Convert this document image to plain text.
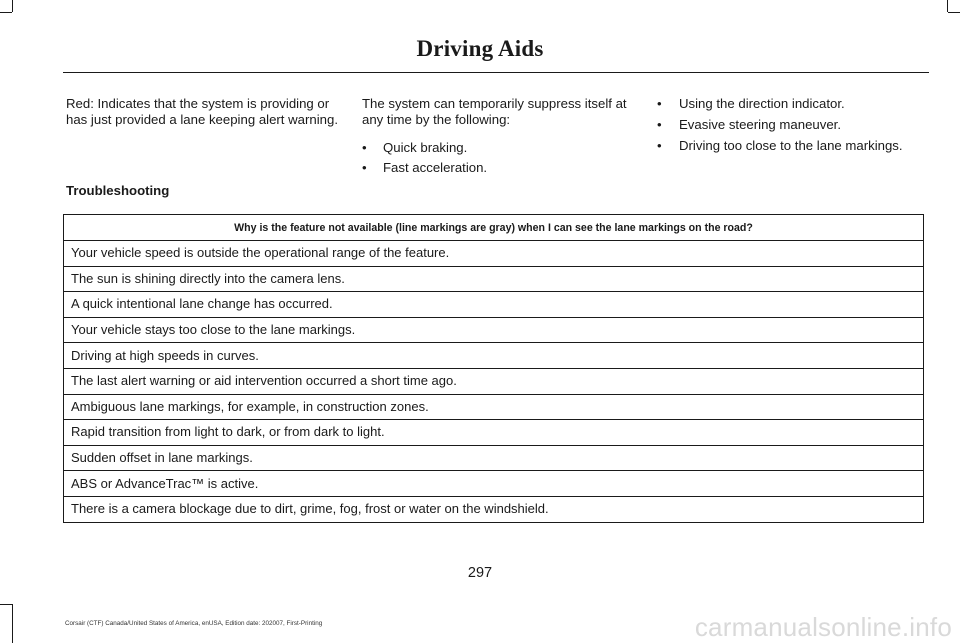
Driving Aids

Red: Indicates that the system is providing or has just provided a lane keeping alert warning.

The system can temporarily suppress itself at any time by the following:

• Quick braking.
• Fast acceleration.
• Using the direction indicator.
• Evasive steering maneuver.
• Driving too close to the lane markings.
Troubleshooting
Why is the feature not available (line markings are gray) when I can see the lane markings on the road?
Your vehicle speed is outside the operational range of the feature.
The sun is shining directly into the camera lens.
A quick intentional lane change has occurred.
Your vehicle stays too close to the lane markings.
Driving at high speeds in curves.
The last alert warning or aid intervention occurred a short time ago.
Ambiguous lane markings, for example, in construction zones.
Rapid transition from light to dark, or from dark to light.
Sudden offset in lane markings.
ABS or AdvanceTrac™ is active.
There is a camera blockage due to dirt, grime, fog, frost or water on the windshield.
297
Corsair (CTF) Canada/United States of America, enUSA, Edition date: 202007, First-Printing	carmanualsonline.info
